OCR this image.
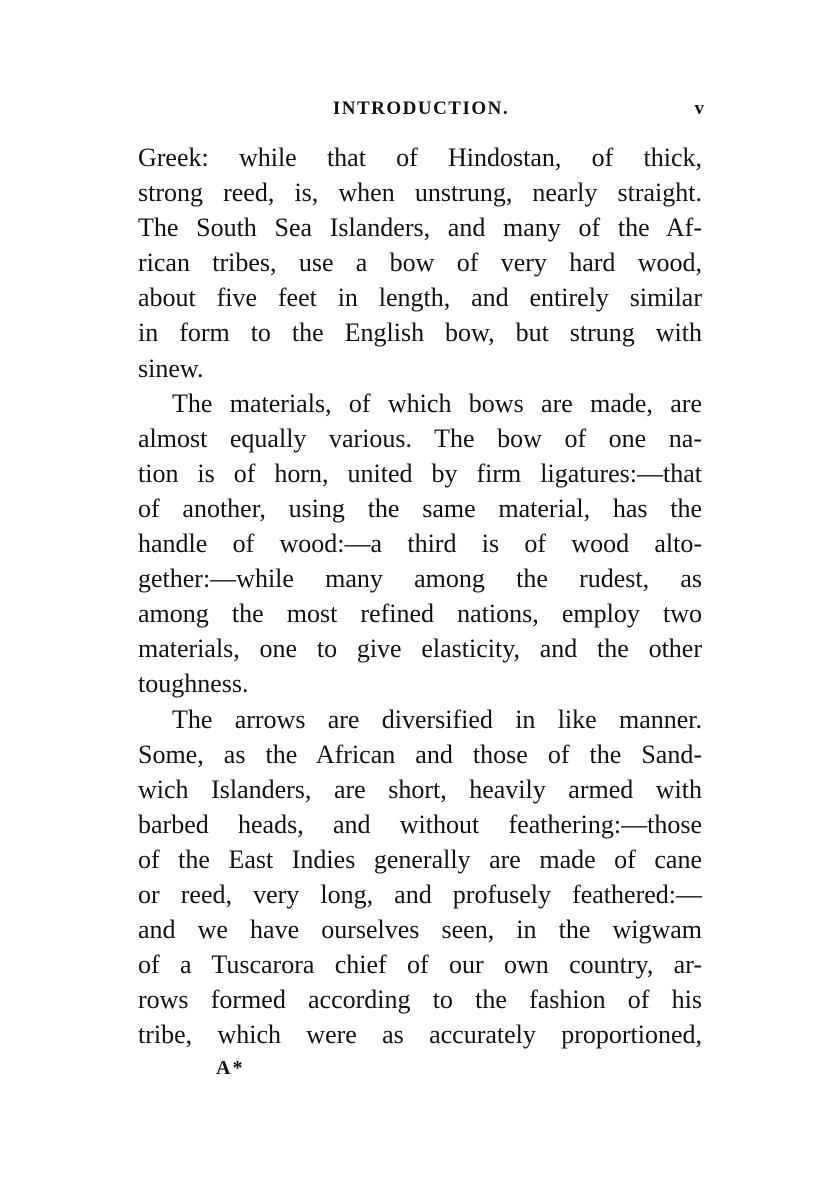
INTRODUCTION.	v
Greek: while that of Hindostan, of thick,
strong reed, is, when unstrung, nearly straight.
The South Sea Islanders, and many of the Af-
rican tribes, use a bow of very hard wood,
about five feet in length, and entirely similar
in form to the English bow, but strung with
sinew.
The materials, of which bows are made, are
almost equally various. The bow of one na-
tion is of horn, united by firm ligatures:—that
of another, using the same material, has the
handle of wood:—a third is of wood alto-
gether:—while many among the rudest, as
among the most refined nations, employ two
materials, one to give elasticity, and the other
toughness.
The arrows are diversified in like manner.
Some, as the African and those of the Sand-
wich Islanders, are short, heavily armed with
barbed heads, and without feathering:—those
of the East Indies generally are made of cane
or reed, very long, and profusely feathered:—
and we have ourselves seen, in the wigwam
of a Tuscarora chief of our own country, ar-
rows formed according to the fashion of his
tribe, which were as accurately proportioned,
A*
